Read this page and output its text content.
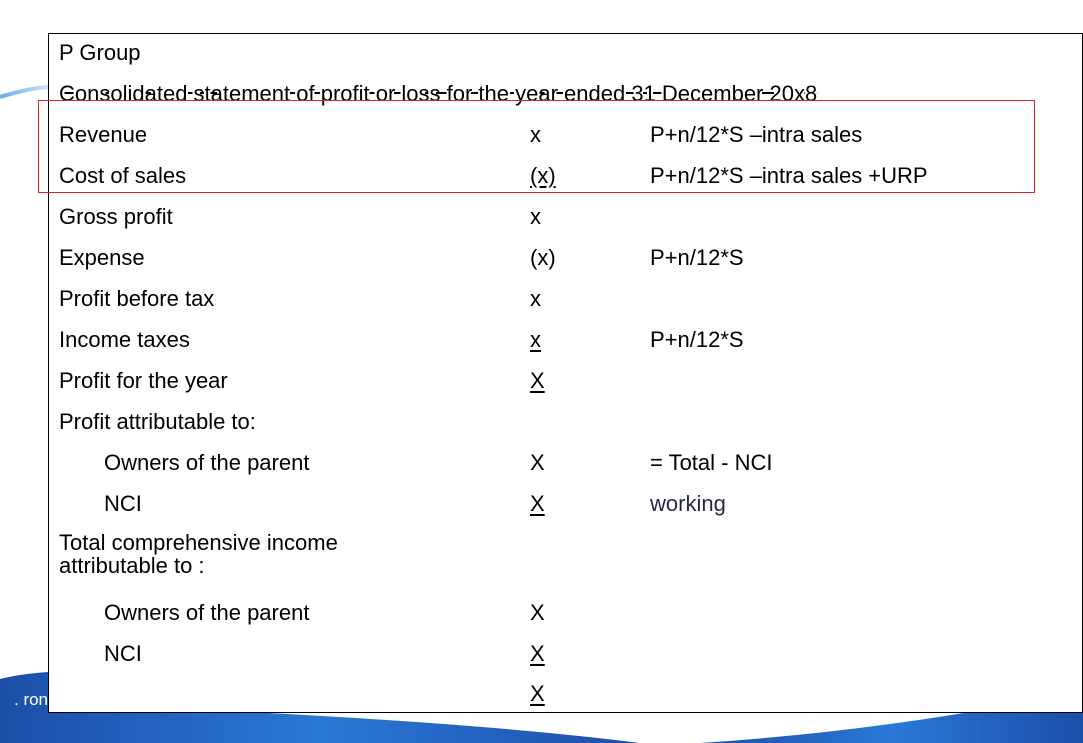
. ron
P Group
Consolidated statement of profit or loss for the year ended 31 December 20x8
Revenue	x	P+n/12*S –intra sales
Cost of sales	(x)	P+n/12*S –intra sales +URP
Gross profit	x
Expense	(x)	P+n/12*S
Profit before tax	x
Income taxes	x	P+n/12*S
Profit for the year	X
Profit attributable to:
Owners of the parent	X	= Total - NCI
NCI	X	working
Total comprehensive income attributable to :
Owners of the parent	X
NCI	X
X
